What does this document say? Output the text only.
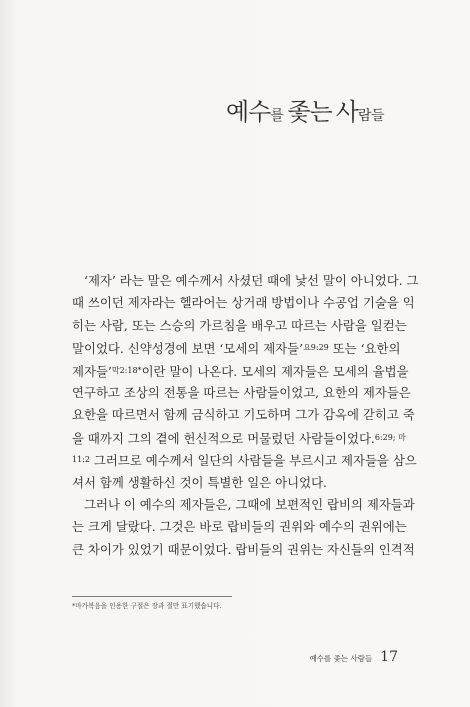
예수 를 좇는 사 람들
‘제자’ 라는 말은 예수께서 사셨던 때에 낯선 말이 아니었다. 그
때 쓰이던 제자라는 헬라어는 상거래 방법이나 수공업 기술을 익
히는 사람, 또는 스승의 가르침을 배우고 따르는 사람을 일컫는
말이었다. 신약성경에 보면 ‘모세의 제자들’$^{요9:29}$ 또는 ‘요한의
제자들’$^{막2:18*}$이란 말이 나온다. 모세의 제자들은 모세의 율법을
연구하고 조상의 전통을 따르는 사람들이었고, 요한의 제자들은
요한을 따르면서 함께 금식하고 기도하며 그가 감옥에 갇히고 죽
을 때까지 그의 곁에 헌신적으로 머물렀던 사람들이었다.$^{6:29; 마}$
$^{11:2}$ 그러므로 예수께서 일단의 사람들을 부르시고 제자들을 삼으
셔서 함께 생활하신 것이 특별한 일은 아니었다.
그러나 이 예수의 제자들은, 그때에 보편적인 랍비의 제자들과
는 크게 달랐다. 그것은 바로 랍비들의 권위와 예수의 권위에는
큰 차이가 있었기 때문이었다. 랍비들의 권위는 자신들의 인격적
*마가복음을 인용한 구절은 장과 절만 표기했습니다.
예수를 좇는 사람들 17
